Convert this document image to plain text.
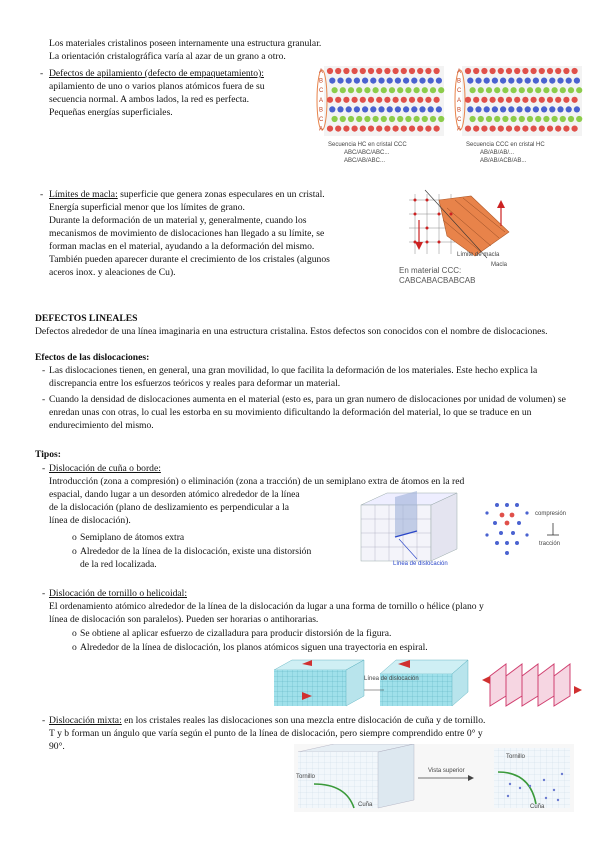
Los materiales cristalinos poseen internamente una estructura granular.
La orientación cristalográfica varía al azar de un grano a otro.
- Defectos de apilamiento (defecto de empaquetamiento):
apilamiento de uno o varios planos atómicos fuera de su
secuencia normal. A ambos lados, la red es perfecta.
Pequeñas energías superficiales.
A
B
C
A
B
C
A
A
B
C
A
B
C
A
Secuencia HC en cristal CCC
ABC/ABC/ABC...
ABC/AB/ABC...
Secuencia CCC en cristal HC
AB/AB/AB/...
AB/AB/ACB/AB...
- Límites de macla: superficie que genera zonas especulares en un cristal.
Energía superficial menor que los límites de grano.
Durante la deformación de un material y, generalmente, cuando los
mecanismos de movimiento de dislocaciones han llegado a su límite, se
forman maclas en el material, ayudando a la deformación del mismo.
También pueden aparecer durante el crecimiento de los cristales (algunos
aceros inox. y aleaciones de Cu).
Límite de macla
Macla
En material CCC:
CABCABACBABCAB
DEFECTOS LINEALES
Defectos alrededor de una línea imaginaria en una estructura cristalina. Estos defectos son conocidos con el nombre de dislocaciones.
Efectos de las dislocaciones:
- Las dislocaciones tienen, en general, una gran movilidad, lo que facilita la deformación de los materiales. Este hecho explica la discrepancia entre los esfuerzos teóricos y reales para deformar un material.
- Cuando la densidad de dislocaciones aumenta en el material (esto es, para un gran numero de dislocaciones por unidad de volumen) se enredan unas con otras, lo cual les estorba en su movimiento dificultando la deformación del material, lo que se traduce en un endurecimiento del mismo.
Tipos:
- Dislocación de cuña o borde:
Introducción (zona a compresión) o eliminación (zona a tracción) de un semiplano extra de átomos en la red
espacial, dando lugar a un desorden atómico alrededor de la línea
de la dislocación (plano de deslizamiento es perpendicular a la
línea de dislocación).
o Semiplano de átomos extra
o Alrededor de la línea de la dislocación, existe una distorsión
de la red localizada.	Línea de dislocación
compresión
tracción
- Dislocación de tornillo o helicoidal:
El ordenamiento atómico alrededor de la línea de la dislocación da lugar a una forma de tornillo o hélice (plano y
línea de dislocación son paralelos). Pueden ser horarias o antihorarias.
o Se obtiene al aplicar esfuerzo de cizalladura para producir distorsión de la figura.
o Alrededor de la línea de dislocación, los planos atómicos siguen una trayectoria en espiral.
Línea de dislocación
- Dislocación mixta: en los cristales reales las dislocaciones son una mezcla entre dislocación de cuña y de tornillo.
T y b forman un ángulo que varía según el punto de la línea de dislocación, pero siempre comprendido entre 0° y
90°.
Tornillo
Cuña
Vista superior
Tornillo
Cuña
